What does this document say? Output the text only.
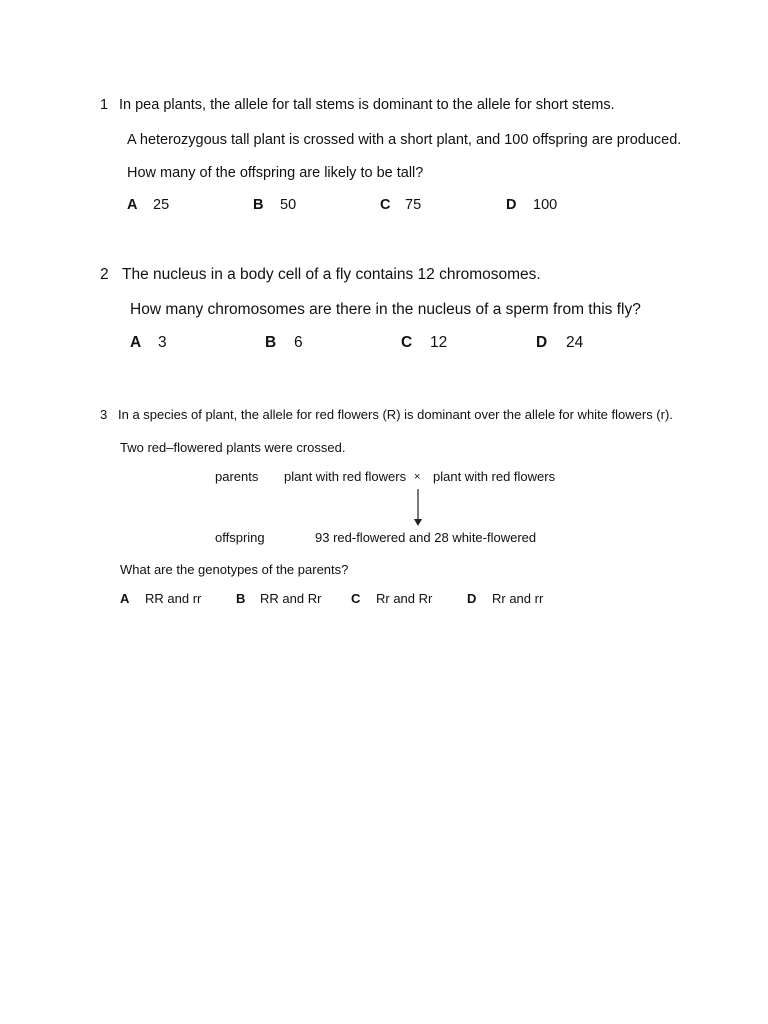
1 In pea plants, the allele for tall stems is dominant to the allele for short stems.
A heterozygous tall plant is crossed with a short plant, and 100 offspring are produced.
How many of the offspring are likely to be tall?
A 25	B 50	C 75	D 100
2 The nucleus in a body cell of a fly contains 12 chromosomes.
How many chromosomes are there in the nucleus of a sperm from this fly?
A 3	B 6	C 12	D 24
3 In a species of plant, the allele for red flowers (R) is dominant over the allele for white flowers (r).
Two red–flowered plants were crossed.
parents plant with red flowers × plant with red flowers
offspring	93 red-flowered and 28 white-flowered
What are the genotypes of the parents?
A RR and rr	B RR and Rr C Rr and Rr	D Rr and rr
